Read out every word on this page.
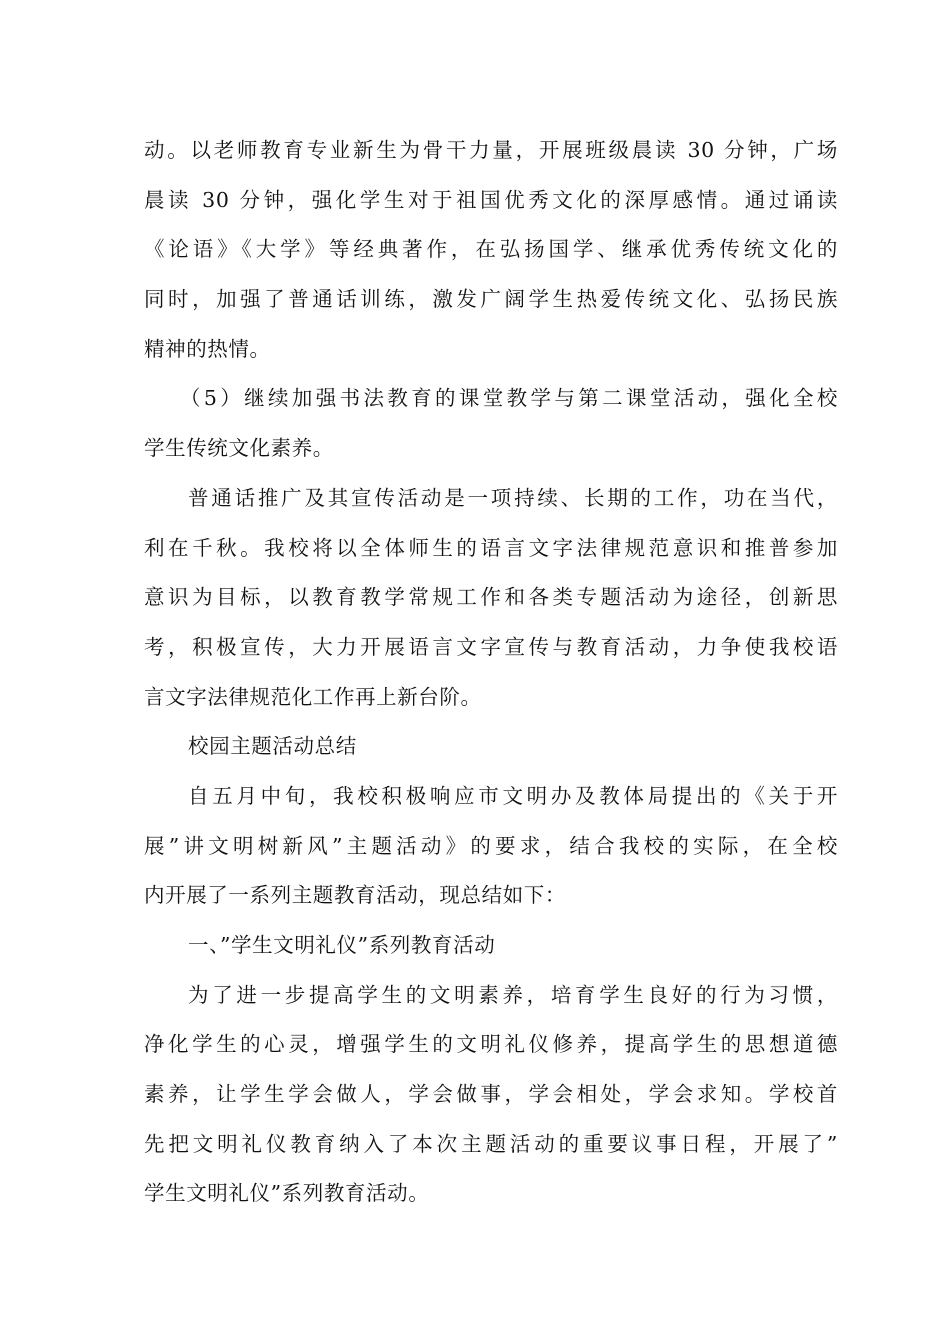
动。以老师教育专业新生为骨干力量，开展班级晨读 30 分钟，广场
晨读 30 分钟，强化学生对于祖国优秀文化的深厚感情。通过诵读
《论语》《大学》等经典著作，在弘扬国学、继承优秀传统文化的
同时，加强了普通话训练，激发广阔学生热爱传统文化、弘扬民族
精神的热情。
（5）继续加强书法教育的课堂教学与第二课堂活动，强化全校
学生传统文化素养。
普通话推广及其宣传活动是一项持续、长期的工作，功在当代，
利在千秋。我校将以全体师生的语言文字法律规范意识和推普参加
意识为目标，以教育教学常规工作和各类专题活动为途径，创新思
考，积极宣传，大力开展语言文字宣传与教育活动，力争使我校语
言文字法律规范化工作再上新台阶。
校园主题活动总结
自五月中旬，我校积极响应市文明办及教体局提出的《关于开
展”讲文明树新风”主题活动》的要求，结合我校的实际，在全校
内开展了一系列主题教育活动，现总结如下：
一、”学生文明礼仪”系列教育活动
为了进一步提高学生的文明素养，培育学生良好的行为习惯，
净化学生的心灵，增强学生的文明礼仪修养，提高学生的思想道德
素养，让学生学会做人，学会做事，学会相处，学会求知。学校首
先把文明礼仪教育纳入了本次主题活动的重要议事日程，开展了”
学生文明礼仪”系列教育活动。
